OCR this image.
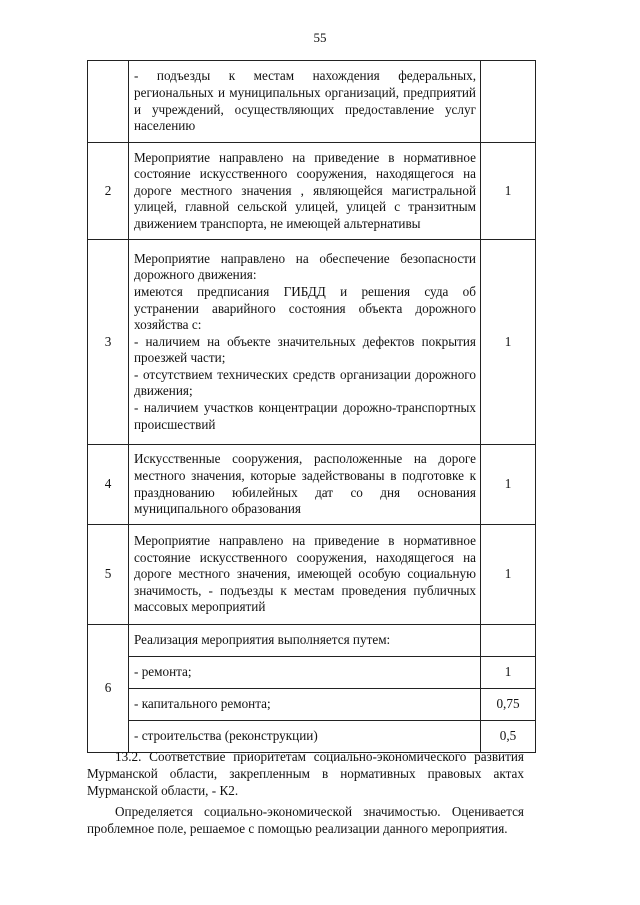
55
	- подъезды к местам нахождения федеральных, региональных и муниципальных организаций, предприятий и учреждений, осуществляющих предоставление услуг населению	
2	Мероприятие направлено на приведение в нормативное состояние искусственного сооружения, находящегося на дороге местного значения , являющейся магистральной улицей, главной сельской улицей, улицей с транзитным движением транспорта, не имеющей альтернативы	1
3	Мероприятие направлено на обеспечение безопасности дорожного движения:
имеются предписания ГИБДД и решения суда об устранении аварийного состояния объекта дорожного хозяйства с:
- наличием на объекте значительных дефектов покрытия проезжей части;
- отсутствием технических средств организации дорожного движения;
- наличием участков концентрации дорожно-транспортных происшествий	1
4	Искусственные сооружения, расположенные на дороге местного значения, которые задействованы в подготовке к празднованию юбилейных дат со дня основания муниципального образования	1
5	Мероприятие направлено на приведение в нормативное состояние искусственного сооружения, находящегося на дороге местного значения, имеющей особую социальную значимость, - подъезды к местам проведения публичных массовых мероприятий	1
6	Реализация мероприятия выполняется путем:	
	- ремонта;	1
	- капитального ремонта;	0,75
	- строительства (реконструкции)	0,5

13.2. Соответствие приоритетам социально-экономического развития Мурманской области, закрепленным в нормативных правовых актах Мурманской области, - К2.

Определяется социально-экономической значимостью. Оценивается проблемное поле, решаемое с помощью реализации данного мероприятия.
